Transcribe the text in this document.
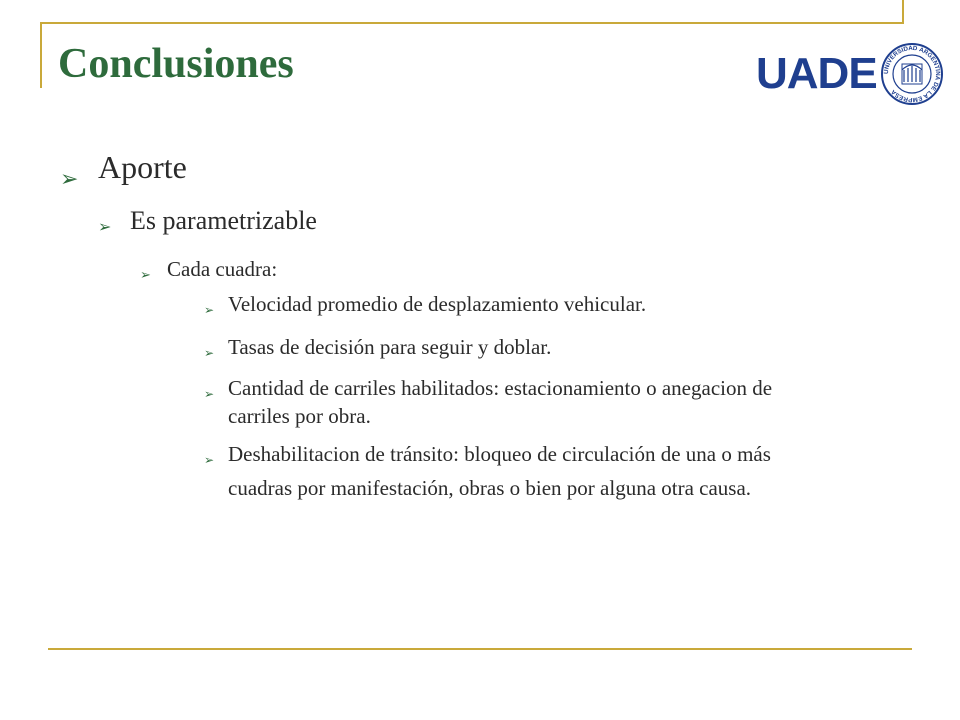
Conclusiones	UADE UNIVERSIDAD ARGENTINA DE LA EMPRESA
➢ Aporte
➢ Es parametrizable
➢ Cada cuadra:
➢ Velocidad promedio de desplazamiento vehicular.
➢ Tasas de decisión para seguir y doblar.
➢ Cantidad de carriles habilitados: estacionamiento o anegacion de
carriles por obra.
➢ Deshabilitacion de tránsito: bloqueo de circulación de una o más
cuadras por manifestación, obras o bien por alguna otra causa.
